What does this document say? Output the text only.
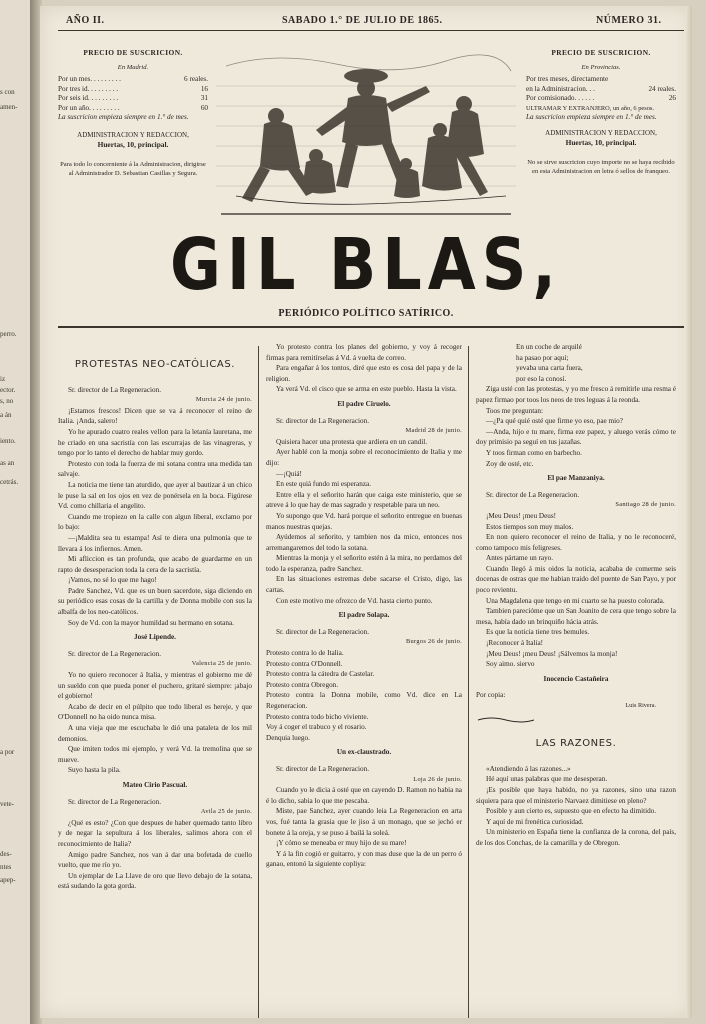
s con
amen-
perro.
iz
ector.
s, no
a án
iento.
as an
cetrás.
a por
vete-
des-
ntes
apep-
AÑO II.	SABADO 1.° DE JULIO DE 1865.	NÚMERO 31.
PRECIO DE SUSCRICION.
En Madrid.
Por un mes. . . . . . . . .	6 reales.
Por tres id. . . . . . . . .	16
Por seis id. . . . . . . . .	31
Por un año. . . . . . . . .	60
La suscricion empieza siempre en 1.° de mes.
ADMINISTRACION Y REDACCION,
Huertas, 10, principal.
Para todo lo concerniente á la Administracion, dirigirse al Administrador D. Sebastian Casillas y Segura.
PRECIO DE SUSCRICION.
En Provincias.
Por tres meses, directamente
en la Administracion. . .	24 reales.
Por comisionado. . . . . .	26
ULTRAMAR Y EXTRANJERO, un año, 6 pesos.
La suscricion empieza siempre en 1.° de mes.
ADMINISTRACION Y REDACCION,
Huertas, 10, principal.
No se sirve suscricion cuyo importe no se haya recibido en esta Administracion en letra ó sellos de franqueo.
GIL BLAS,
PERIÓDICO POLÍTICO SATÍRICO.
PROTESTAS NEO-CATÓLICAS.

Sr. director de La Regeneracion.

Murcia 24 de junio.

¡Estamos frescos! Dicen que se va á reconocer el reino de Italia. ¡Anda, salero!

Yo he apurado cuatro reales vellon para la letanía lauretana, me he criado en una sacristía con las escurrajas de las vinagreras, y tengo por lo tanto el derecho de hablar muy gordo.

Protesto con toda la fuerza de mi sotana contra una medida tan salvaje.

La noticia me tiene tan aturdido, que ayer al bautizar á un chico le puse la sal en los ojos en vez de ponérsela en la boca. Figúrese Vd. como chillaria el angelito.

Cuando me tropiezo en la calle con algun liberal, exclamo por lo bajo:

—¡Maldita sea tu estampa! Así te diera una pulmonía que te llevara á los infiernos. Amen.

Mi afliccion es tan profunda, que acabo de guardarme en un rapto de desesperacion toda la cera de la sacristía.

¡Vamos, no sé lo que me hago!

Padre Sanchez, Vd. que es un buen sacerdote, siga diciendo en su periódico esas cosas de la cartilla y de Donna mobile con sus la albalfa de los neo-católicos.

Soy de Vd. con la mayor humildad su hermano en sotana.

José Lipende.

Sr. director de La Regeneracion.

Valencia 25 de junio.

Yo no quiero reconocer á Italia, y mientras el gobierno me dé un sueldo con que pueda poner el puchero, gritaré siempre: ¡abajo el gobierno!

Acabo de decir en el púlpito que todo liberal es hereje, y que O'Donnell no ha oido nunca misa.

A una vieja que me escuchaba le dió una pataleta de los mil demonios.

Que imiten todos mi ejemplo, y verá Vd. la tremolina que se mueve.

Suyo hasta la pila.

Mateo Cirio Pascual.

Sr. director de La Regeneracion.

Avila 25 de junio.

¿Qué es esto? ¿Con que despues de haber quemado tanto libro y de negar la sepultura á los liberales, salimos ahora con el reconocimiento de Italia?

Amigo padre Sanchez, nos van á dar una bofetada de cuello vuelto, que me río yo.

Un ejemplar de La Llave de oro que llevo debajo de la sotana, está sudando la gota gorda.

Yo protesto contra los planes del gobierno, y voy á recoger firmas para remitírselas á Vd. á vuelta de correo.

Para engañar á los tontos, diré que esto es cosa del papa y de la religion.

Ya verá Vd. el cisco que se arma en este pueblo. Hasta la vista.

El padre Ciruelo.

Sr. director de La Regeneracion.

Madrid 28 de junio.

Quisiera hacer una protesta que ardiera en un candil.

Ayer hablé con la monja sobre el reconocimiento de Italia y me dijo:

—¡Quiá!

En este quiá fundo mi esperanza.

Entre ella y el señorito harán que caiga este ministerio, que se atreve á lo que hay de mas sagrado y respetable para un neo.

Yo supongo que Vd. hará porque el señorito entregue en buenas manos nuestras quejas.

Ayúdemos al señorito, y tambien nos da mico, entonces nos arremangaremos del todo la sotana.

Mientras la monja y el señorito estén á la mira, no perdamos del todo la esperanza, padre Sanchez.

En las situaciones estremas debe sacarse el Cristo, digo, las cartas.

Con este motivo me ofrezco de Vd. hasta cierto punto.

El padre Solapa.

Sr. director de La Regeneracion.

Burgos 26 de junio.

Protesto contra lo de Italia.

Protesto contra O'Donnell.

Protesto contra la cátedra de Castelar.

Protesto contra Obregon.

Protesto contra la Donna mobile, como Vd. dice en La Regeneracion.

Protesto contra todo bicho viviente.

Voy á coger el trabuco y el rosario.

Denquia luego.

Un ex-claustrado.

Sr. director de La Regeneracion.

Loja 26 de junio.

Cuando yo le dicia á osté que en cayendo D. Ramon no habia na é lo dicho, sabia lo que me pescaba.

Miste, pae Sanchez, ayer cuando leia La Regeneracion en arta vos, fué tanta la grasia que le jiso á un monago, que se jechó er bonete á la oreja, y se puso á bailá la soleá.

¡Y cómo se meneaba er muy hijo de su mare!

Y á la fin cogió er guitarro, y con mas duse que la de un perro ó ganao, entonó la siguiente copliya:

En un coche de arquilé

ha pasao por aquí;

yevaba una carta fuera,

por eso la conosí.

Ziga usté con las protestas, y yo me fresco á remitirle una resma é papez firmao por toos los neos de tres leguas á la reonda.

Toos me preguntan:

—¿Pa qué quié osté que firme yo eso, pae mio?

—Anda, hijo e tu mare, firma eze papez, y aluego verás cómo te doy primisio pa seguí en tus jazañas.

Y toos firman como en barbecho.

Zoy de osté, etc.

El pae Manzaniya.

Sr. director de La Regeneracion.

Santiago 28 de junio.

¡Meu Deus! ¡meu Deus!

Estos tiempos son muy malos.

En non quiero reconocer el reino de Italia, y no le reconoceré, como tampoco mis feligreses.

Antes pártame un rayo.

Cuando llegó á mis oidos la noticia, acababa de comerme seis docenas de ostras que me habian traido del puente de San Payo, y por poco revientu.

Una Magdalena que tengo en mi cuarto se ha puesto colorada.

Tambien parecióme que un San Joanito de cera que tengo sobre la mesa, había dado un brinquiño hácia atrás.

Es que la noticia tiene tres bemules.

¡Reconocer á Italia!

¡Meu Deus! ¡meu Deus! ¡Sálvemos la monja!

Soy aimo. siervo

Inocencio Castañeira

Por copia:

Luis Rivera.

LAS RAZONES.

«Atendiendo á las razones...»

Hé aquí unas palabras que me desesperan.

¡Es posible que haya habido, no ya razones, sino una razon siquiera para que el ministerio Narvaez dimitiese en pleno?

Posible y aun cierto es, supuesto que en efecto ha dimitido.

Y aquí de mi frenética curiosidad.

Un ministerio en España tiene la confianza de la corona, del país, de los dos Conchas, de la camarilla y de Obregon.
